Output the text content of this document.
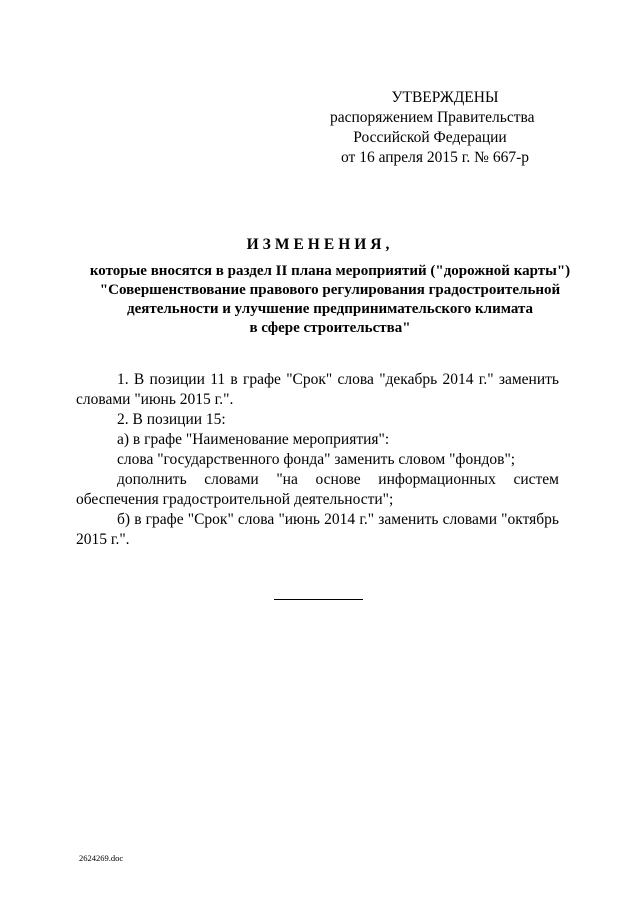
УТВЕРЖДЕНЫ
распоряжением Правительства
Российской Федерации
от 16 апреля 2015 г. № 667-р
ИЗМЕНЕНИЯ,
которые вносятся в раздел II плана мероприятий ("дорожной карты")
"Совершенствование правового регулирования градостроительной
деятельности и улучшение предпринимательского климата
в сфере строительства"

1. В позиции 11 в графе "Срок" слова "декабрь 2014 г." заменить словами "июнь 2015 г.".

2. В позиции 15:

а) в графе "Наименование мероприятия":

слова "государственного фонда" заменить словом "фондов";

дополнить словами "на основе информационных систем обеспечения градостроительной деятельности";

б) в графе "Срок" слова "июнь 2014 г." заменить словами "октябрь 2015 г.".

2624269.doc
